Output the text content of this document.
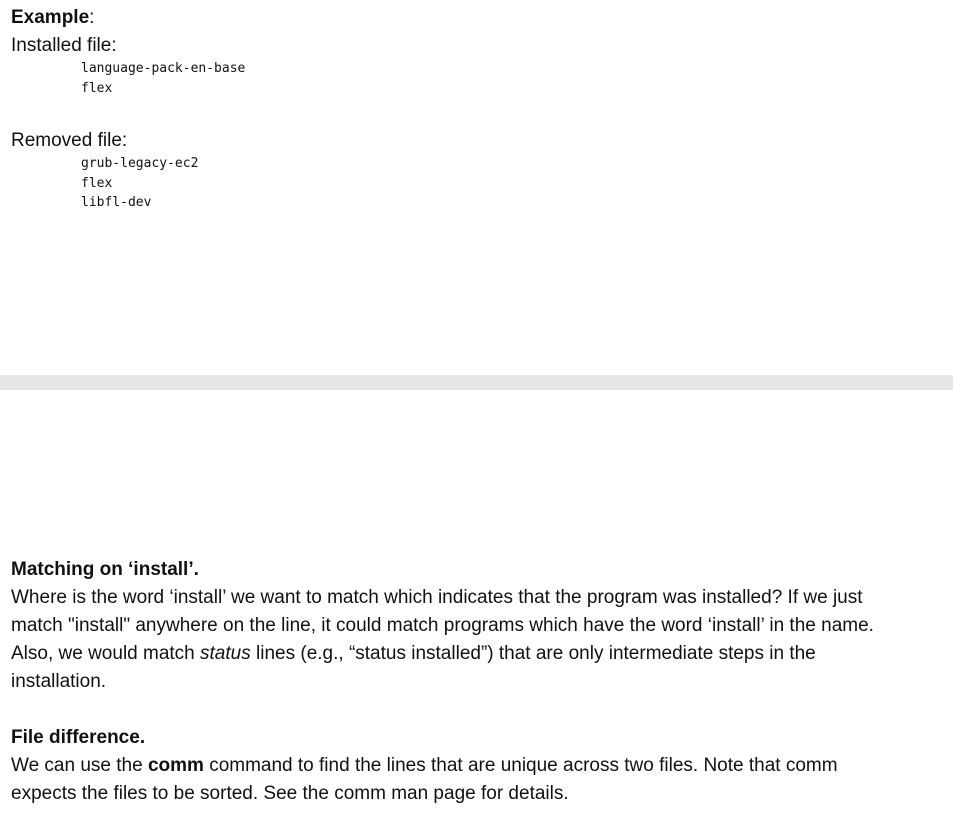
Example:
Installed file:
language-pack-en-base
flex
Removed file:
grub-legacy-ec2
flex
libfl-dev
Matching on ‘install’.
Where is the word ‘install’ we want to match which indicates that the program was installed? If we just
match "install" anywhere on the line, it could match programs which have the word ‘install’ in the name.
Also, we would match status lines (e.g., “status installed”) that are only intermediate steps in the
installation.
File difference.
We can use the comm command to find the lines that are unique across two files. Note that comm
expects the files to be sorted. See the comm man page for details.
